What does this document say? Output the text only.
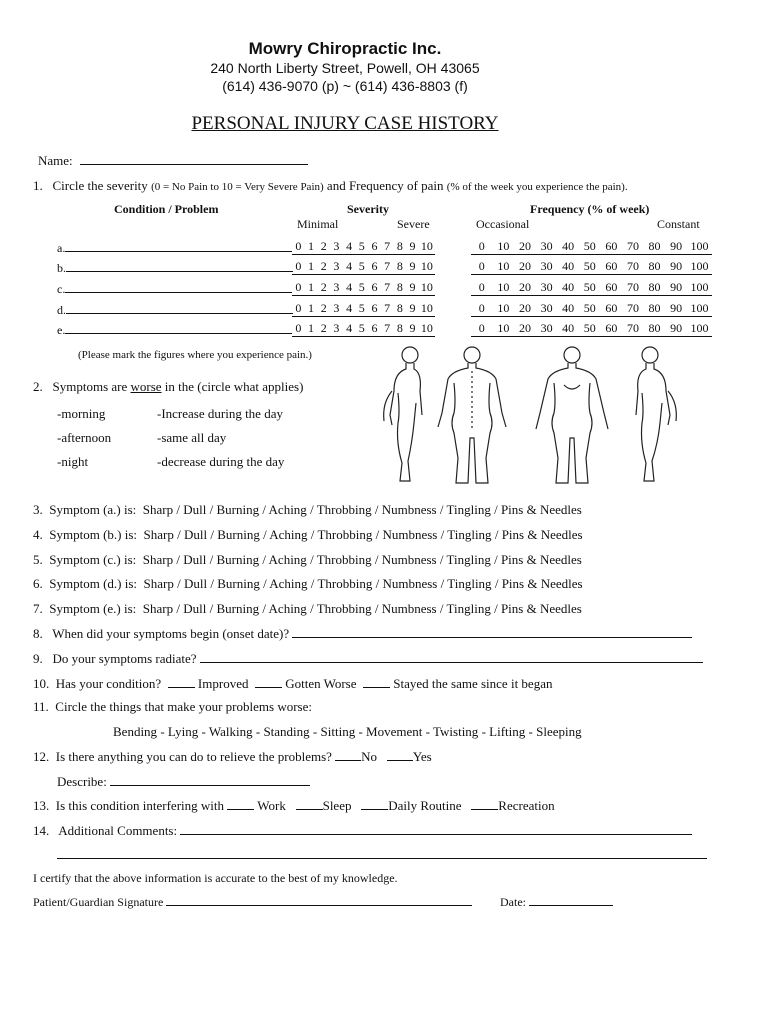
Mowry Chiropractic Inc.
240 North Liberty Street, Powell, OH 43065
(614) 436-9070 (p) ~ (614) 436-8803 (f)
PERSONAL INJURY CASE HISTORY
Name:
1. Circle the severity (0 = No Pain to 10 = Very Severe Pain) and Frequency of pain (% of the week you experience the pain).
Condition / Problem	Severity	Frequency (% of week)
Minimal	Severe	Occasional	Constant
a.	0 1 2 3 4 5 6 7 8 9 10	0 10 20 30 40 50 60 70 80 90 100
b.	0 1 2 3 4 5 6 7 8 9 10	0 10 20 30 40 50 60 70 80 90 100
c.	0 1 2 3 4 5 6 7 8 9 10	0 10 20 30 40 50 60 70 80 90 100
d.	0 1 2 3 4 5 6 7 8 9 10	0 10 20 30 40 50 60 70 80 90 100
e.	0 1 2 3 4 5 6 7 8 9 10	0 10 20 30 40 50 60 70 80 90 100
(Please mark the figures where you experience pain.)
2. Symptoms are worse in the (circle what applies)
-morning
-afternoon
-night
-Increase during the day
-same all day
-decrease during the day
3. Symptom (a.) is: Sharp / Dull / Burning / Aching / Throbbing / Numbness / Tingling / Pins & Needles
4. Symptom (b.) is: Sharp / Dull / Burning / Aching / Throbbing / Numbness / Tingling / Pins & Needles
5. Symptom (c.) is: Sharp / Dull / Burning / Aching / Throbbing / Numbness / Tingling / Pins & Needles
6. Symptom (d.) is: Sharp / Dull / Burning / Aching / Throbbing / Numbness / Tingling / Pins & Needles
7. Symptom (e.) is: Sharp / Dull / Burning / Aching / Throbbing / Numbness / Tingling / Pins & Needles
8. When did your symptoms begin (onset date)?
9. Do your symptoms radiate?
10. Has your condition?	Improved	Gotten Worse	Stayed the same since it began
11. Circle the things that make your problems worse:
Bending - Lying - Walking - Standing - Sitting - Movement - Twisting - Lifting - Sleeping
12. Is there anything you can do to relieve the problems? No	Yes
Describe:
13. Is this condition interfering with	Work	Sleep	Daily Routine	Recreation
14. Additional Comments:
I certify that the above information is accurate to the best of my knowledge.
Patient/Guardian Signature	Date:
